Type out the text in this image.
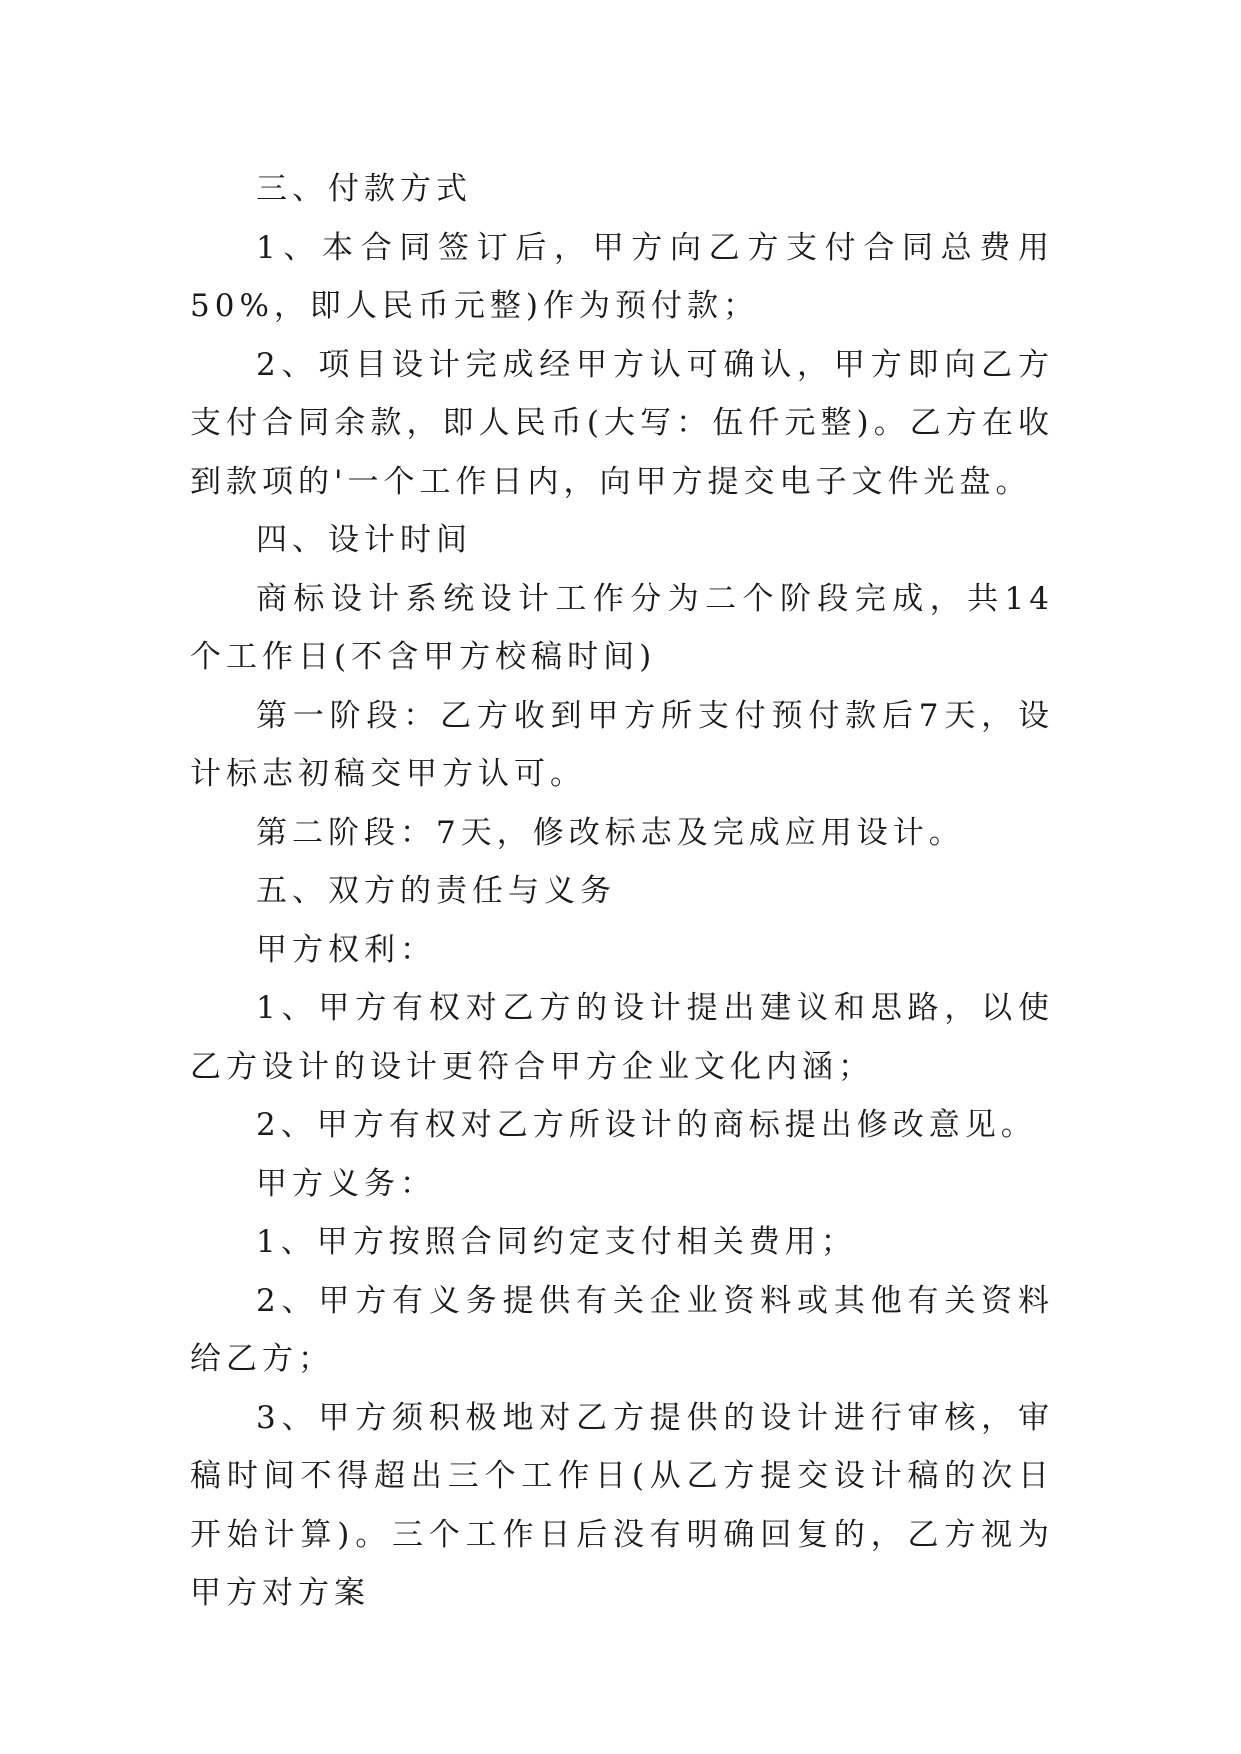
三、付款方式

1、本合同签订后，甲方向乙方支付合同总费用50%，即人民币元整)作为预付款；

2、项目设计完成经甲方认可确认，甲方即向乙方支付合同余款，即人民币(大写：伍仟元整)。乙方在收到款项的'一个工作日内，向甲方提交电子文件光盘。

四、设计时间

商标设计系统设计工作分为二个阶段完成，共14个工作日(不含甲方校稿时间)

第一阶段：乙方收到甲方所支付预付款后7天，设计标志初稿交甲方认可。

第二阶段：7天，修改标志及完成应用设计。

五、双方的责任与义务

甲方权利：

1、甲方有权对乙方的设计提出建议和思路，以使乙方设计的设计更符合甲方企业文化内涵；

2、甲方有权对乙方所设计的商标提出修改意见。

甲方义务：

1、甲方按照合同约定支付相关费用；

2、甲方有义务提供有关企业资料或其他有关资料给乙方；

3、甲方须积极地对乙方提供的设计进行审核，审稿时间不得超出三个工作日(从乙方提交设计稿的次日开始计算)。三个工作日后没有明确回复的，乙方视为甲方对方案
